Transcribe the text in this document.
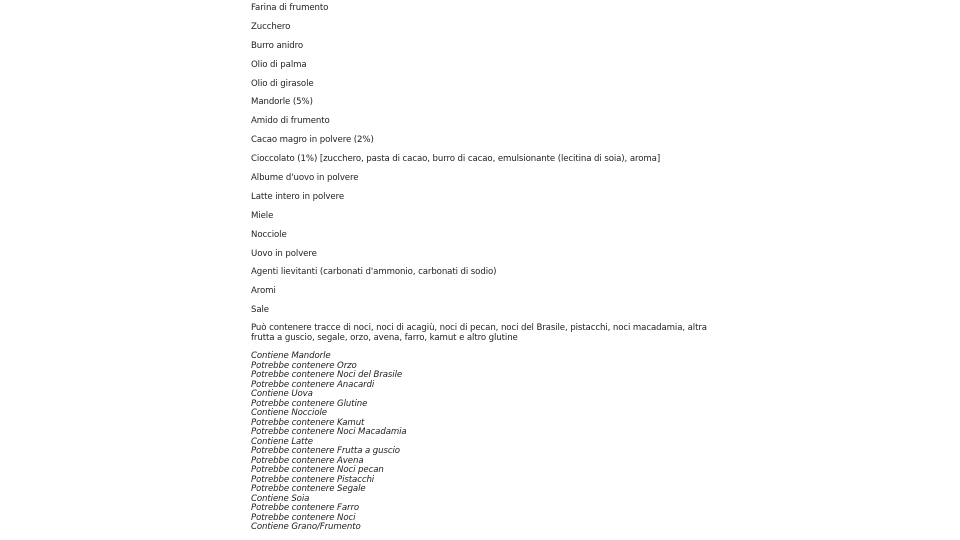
Farina di frumento
Zucchero
Burro anidro
Olio di palma
Olio di girasole
Mandorle (5%)
Amido di frumento
Cacao magro in polvere (2%)
Cioccolato (1%) [zucchero, pasta di cacao, burro di cacao, emulsionante (lecitina di soia), aroma]
Albume d'uovo in polvere
Latte intero in polvere
Miele
Nocciole
Uovo in polvere
Agenti lievitanti (carbonati d'ammonio, carbonati di sodio)
Aromi
Sale
Può contenere tracce di noci, noci di acagiù, noci di pecan, noci del Brasile, pistacchi, noci macadamia, altra frutta a guscio, segale, orzo, avena, farro, kamut e altro glutine
Contiene Mandorle
Potrebbe contenere Orzo
Potrebbe contenere Noci del Brasile
Potrebbe contenere Anacardi
Contiene Uova
Potrebbe contenere Glutine
Contiene Nocciole
Potrebbe contenere Kamut
Potrebbe contenere Noci Macadamia
Contiene Latte
Potrebbe contenere Frutta a guscio
Potrebbe contenere Avena
Potrebbe contenere Noci pecan
Potrebbe contenere Pistacchi
Potrebbe contenere Segale
Contiene Soia
Potrebbe contenere Farro
Potrebbe contenere Noci
Contiene Grano/Frumento
